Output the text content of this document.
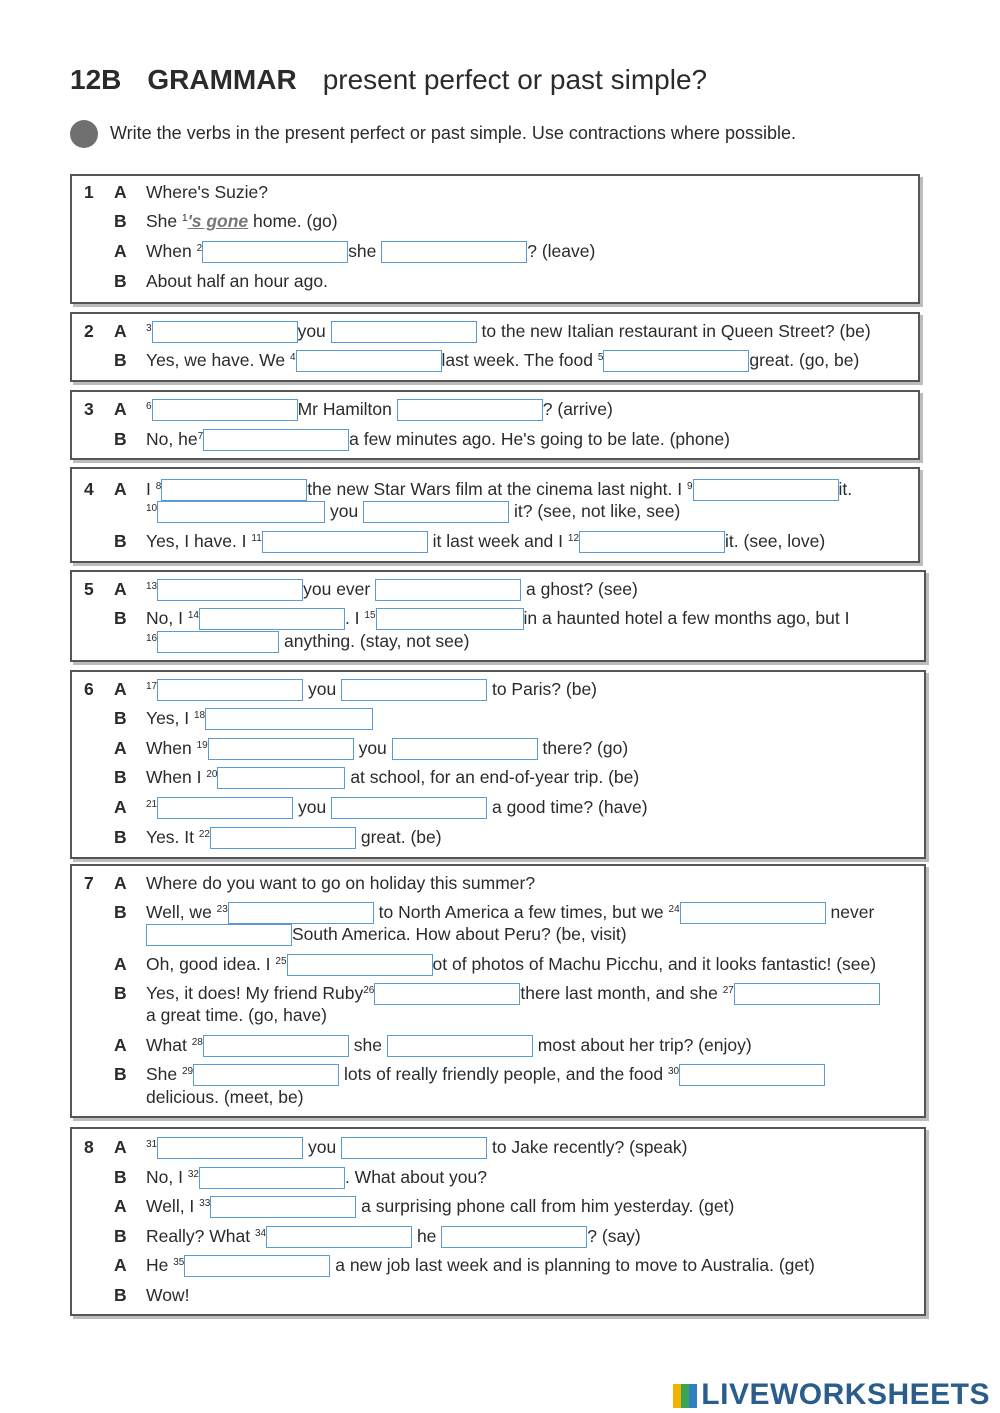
12B GRAMMAR present perfect or past simple?
Write the verbs in the present perfect or past simple. Use contractions where possible.
1 A Where's Suzie?
B She $^1$'s gone home. (go)
A When $^2$	she	? (leave)
B About half an hour ago.
2 A $^3$	you	to the new Italian restaurant in Queen Street? (be)
B Yes, we have. We $^4$	last week. The food $^5$	great. (go, be)
3 A $^6$	Mr Hamilton	? (arrive)
B No, $he^7$	a few minutes ago. He's going to be late. (phone)
4 A I $^8$	the new Star Wars film at the cinema last night. I $^9$	it.
$^{10}$	you	it? (see, not like, see)
B Yes, I have. I $^{11}$	it last week and I $^{12}$	it. (see, love)
5 A $^{13}$	you ever	a ghost? (see)
B No, I $^{14}$	. I $^{15}$	in a haunted hotel a few months ago, but I
$^{16}$	anything. (stay, not see)
6 A $^{17}$	you	to Paris? (be)
B Yes, I $^{18}$
A When $^{19}$	you	there? (go)
B When I $^{20}$	at school, for an end-of-year trip. (be)
A $^{21}$	you	a good time? (have)
B Yes. It $^{22}$	great. (be)
7 A Where do you want to go on holiday this summer?
B Well, we $^{23}$	to North America a few times, but we $^{24}$	never
South America. How about Peru? (be, visit)
A Oh, good idea. I $^{25}$	ot of photos of Machu Picchu, and it looks fantastic! (see)
B Yes, it does! My friend Ruby$^{26}$	there last month, and she $^{27}$
a great time. (go, have)
A What $^{28}$	she	most about her trip? (enjoy)
B She $^{29}$	lots of really friendly people, and the food $^{30}$
delicious. (meet, be)
8 A $^{31}$	you	to Jake recently? (speak)
B No, I $^{32}$	. What about you?
A Well, I $^{33}$	a surprising phone call from him yesterday. (get)
B Really? What $^{34}$	he	? (say)
A He $^{35}$	a new job last week and is planning to move to Australia. (get)
B Wow!
LIVEWORKSHEETS
